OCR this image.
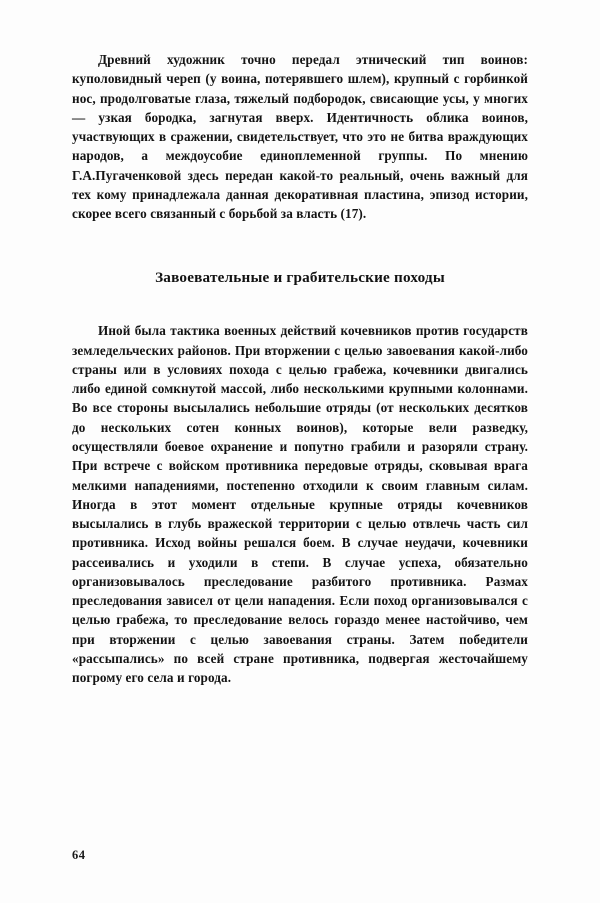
Древний художник точно передал этнический тип воинов: куполовидный череп (у воина, потерявшего шлем), крупный с горбинкой нос, продолговатые глаза, тяжелый подбородок, свисающие усы, у многих — узкая бородка, загнутая вверх. Идентичность облика воинов, участвующих в сражении, свидетельствует, что это не битва враждующих народов, а междоусобие единоплеменной группы. По мнению Г.А.Пугаченковой здесь передан какой-то реальный, очень важный для тех кому принадлежала данная декоративная пластина, эпизод истории, скорее всего связанный с борьбой за власть (17).

Завоевательные и грабительские походы

Иной была тактика военных действий кочевников против государств земледельческих районов. При вторжении с целью завоевания какой-либо страны или в условиях похода с целью грабежа, кочевники двигались либо единой сомкнутой массой, либо несколькими крупными колоннами. Во все стороны высылались небольшие отряды (от нескольких десятков до нескольких сотен конных воинов), которые вели разведку, осуществляли боевое охранение и попутно грабили и разоряли страну. При встрече с войском противника передовые отряды, сковывая врага мелкими нападениями, постепенно отходили к своим главным силам. Иногда в этот момент отдельные крупные отряды кочевников высылались в глубь вражеской территории с целью отвлечь часть сил противника. Исход войны решался боем. В случае неудачи, кочевники рассеивались и уходили в степи. В случае успеха, обязательно организовывалось преследование разбитого противника. Размах преследования зависел от цели нападения. Если поход организовывался с целью грабежа, то преследование велось гораздо менее настойчиво, чем при вторжении с целью завоевания страны. Затем победители «рассыпались» по всей стране противника, подвергая жесточайшему погрому его села и города.

64
